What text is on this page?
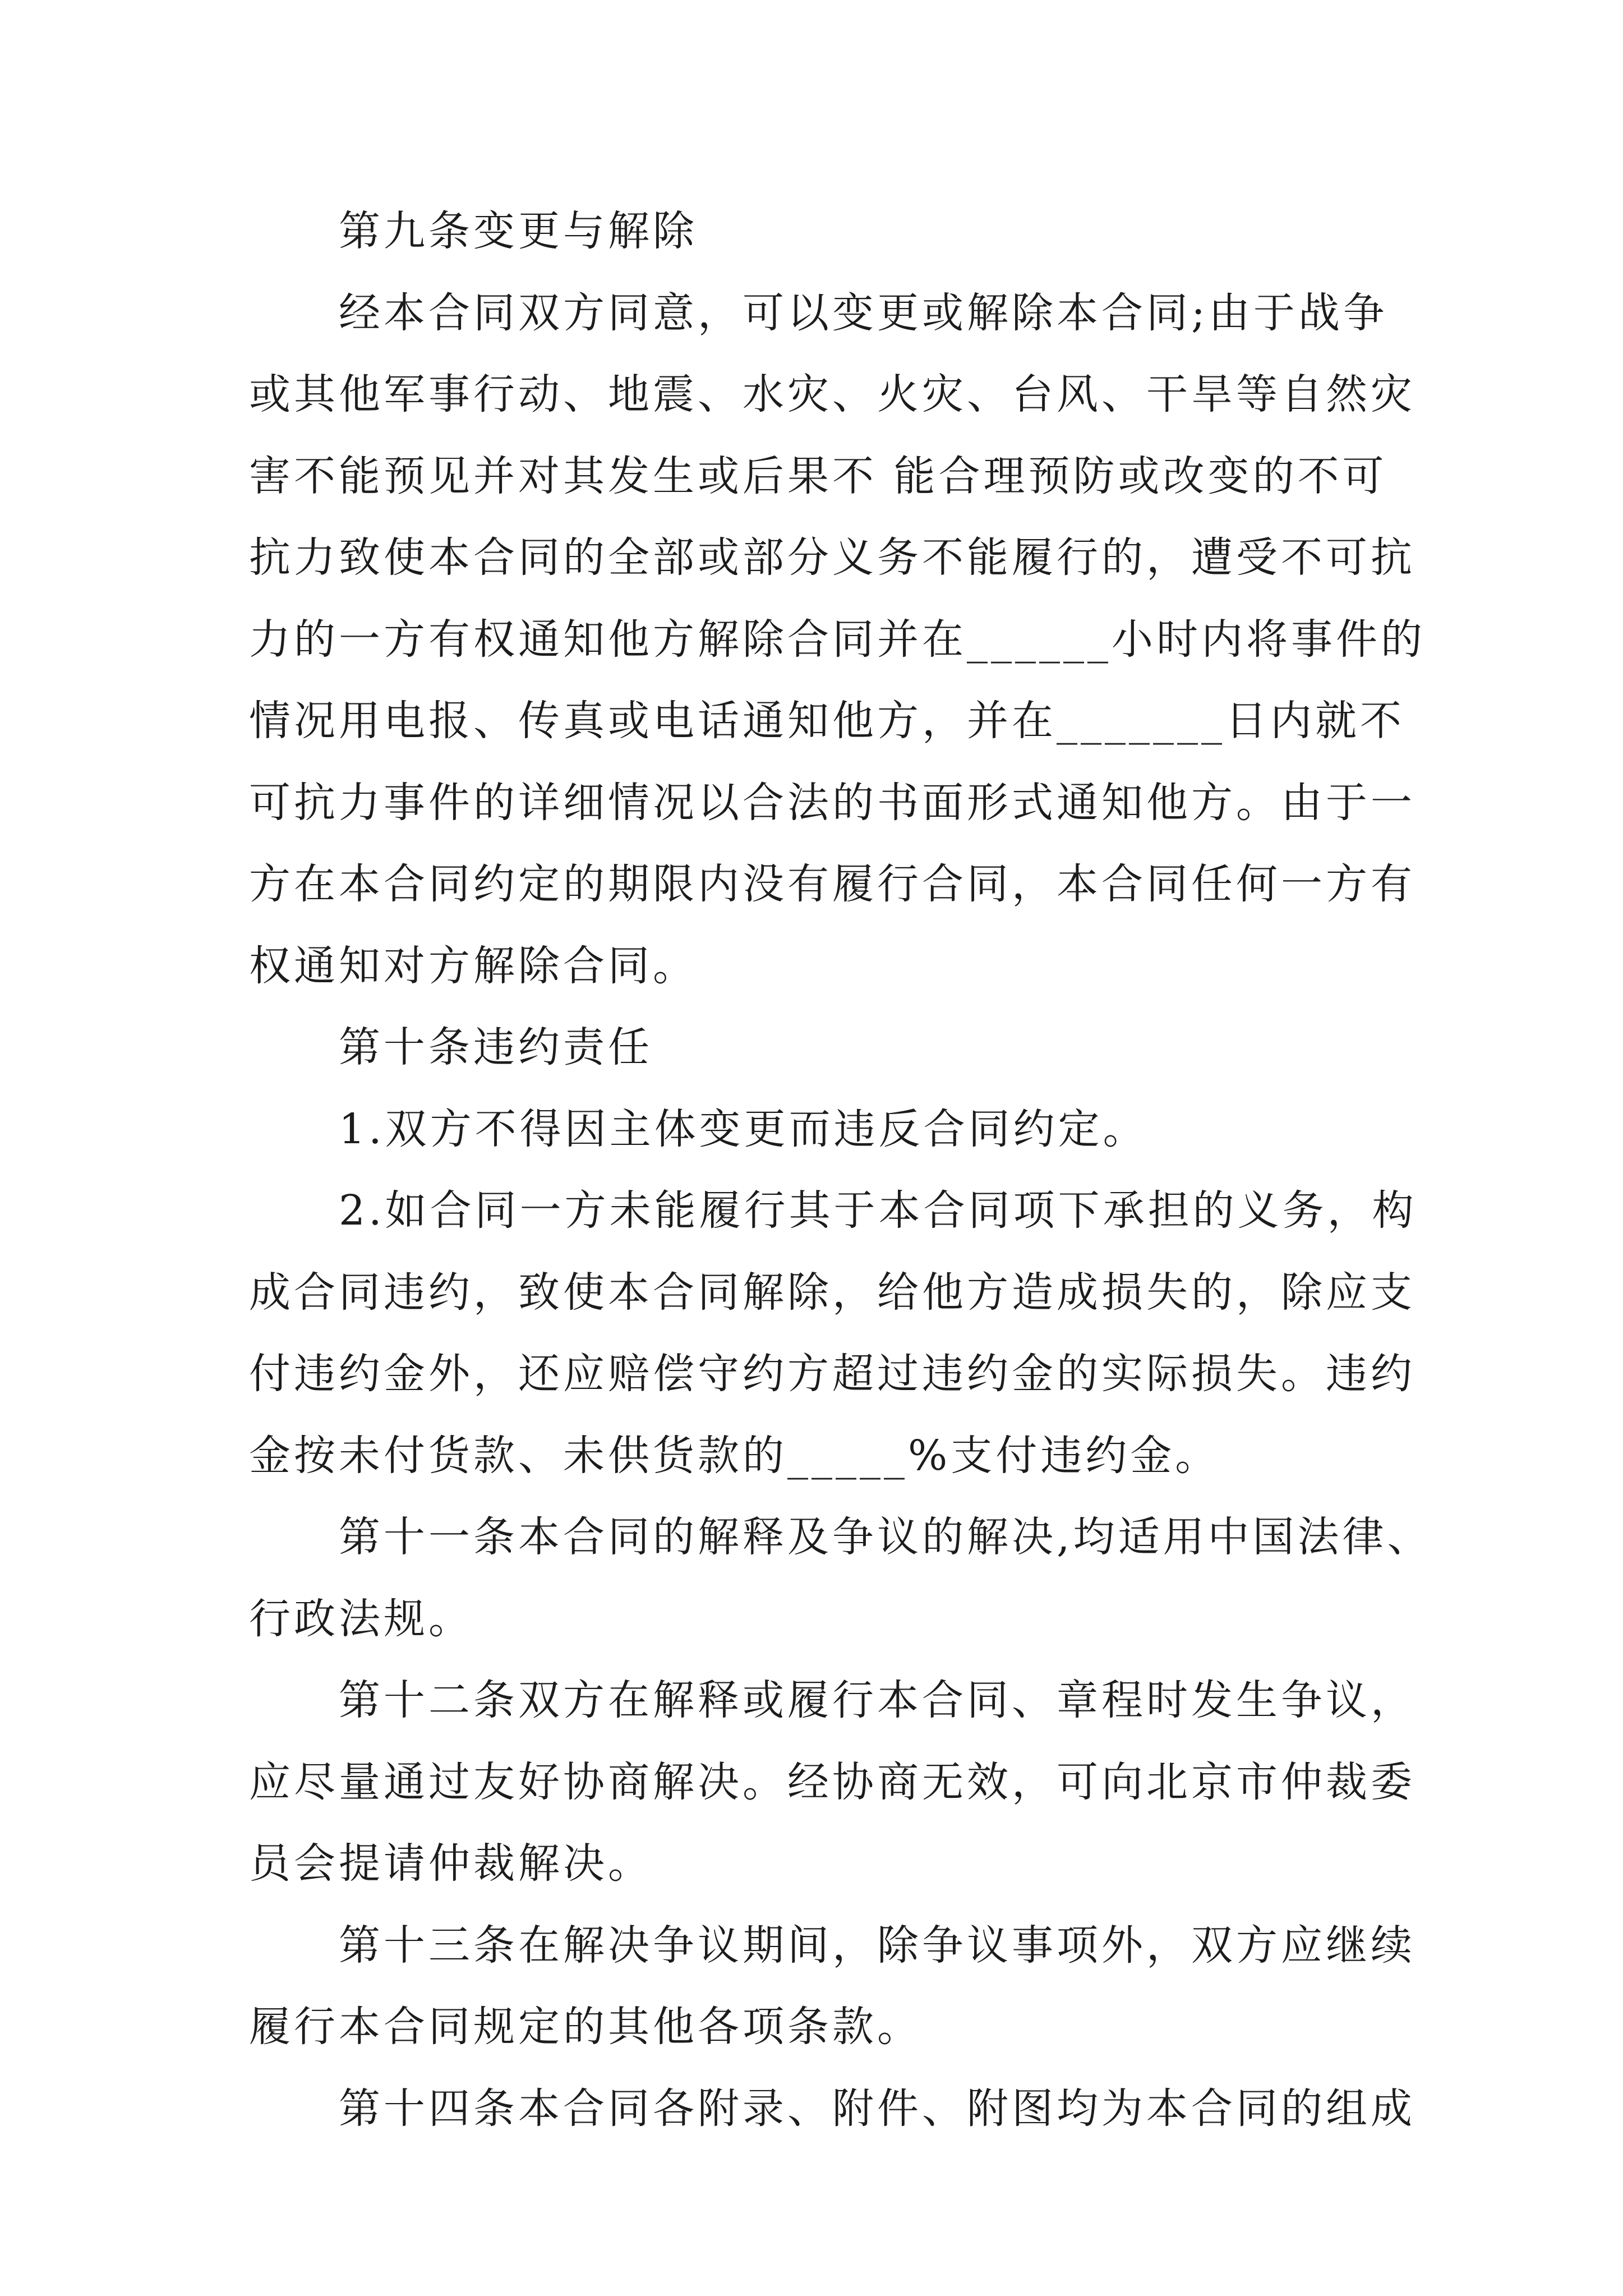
第九条变更与解除
经本合同双方同意，可以变更或解除本合同;由于战争
或其他军事行动、地震、水灾、火灾、台风、干旱等自然灾
害不能预见并对其发生或后果不 能合理预防或改变的不可
抗力致使本合同的全部或部分义务不能履行的，遭受不可抗
力的一方有权通知他方解除合同并在______小时内将事件的
情况用电报、传真或电话通知他方，并在_______日内就不
可抗力事件的详细情况以合法的书面形式通知他方。由于一
方在本合同约定的期限内没有履行合同，本合同任何一方有
权通知对方解除合同。
第十条违约责任
1.双方不得因主体变更而违反合同约定。
2.如合同一方未能履行其于本合同项下承担的义务，构
成合同违约，致使本合同解除，给他方造成损失的，除应支
付违约金外，还应赔偿守约方超过违约金的实际损失。违约
金按未付货款、未供货款的_____%支付违约金。
第十一条本合同的解释及争议的解决,均适用中国法律、
行政法规。
第十二条双方在解释或履行本合同、章程时发生争议，
应尽量通过友好协商解决。经协商无效，可向北京市仲裁委
员会提请仲裁解决。
第十三条在解决争议期间，除争议事项外，双方应继续
履行本合同规定的其他各项条款。
第十四条本合同各附录、附件、附图均为本合同的组成
